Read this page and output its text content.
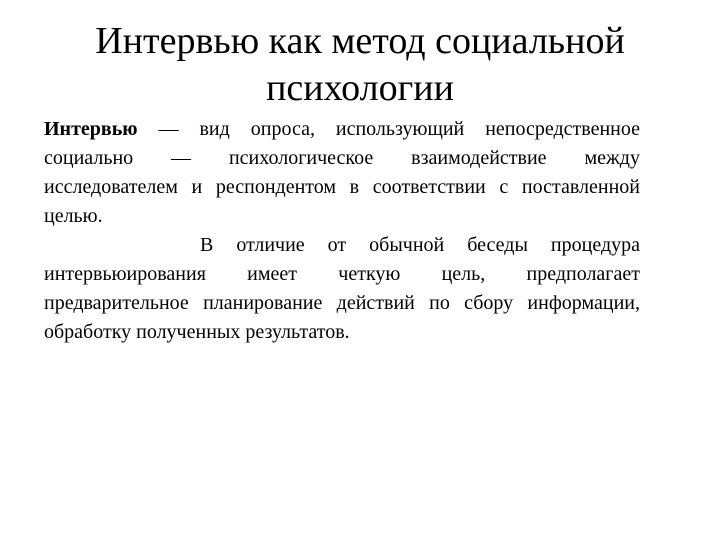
Интервью как метод социальной
психологии

Интервью — вид опроса, использующий непосредственное социально — психологическое взаимодействие между исследователем и респондентом в соответствии с поставленной целью.

В отличие от обычной беседы процедура интервьюирования имеет четкую цель, предполагает предварительное планирование действий по сбору информации, обработку полученных результатов.
